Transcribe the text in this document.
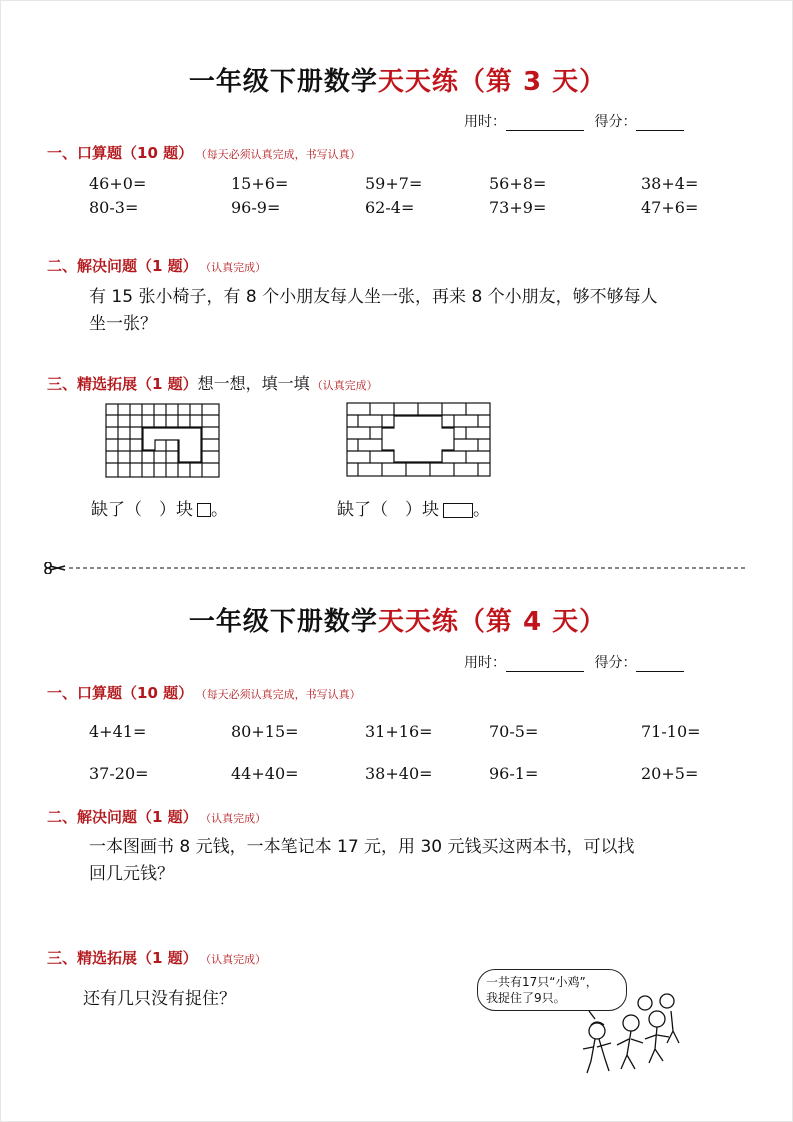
一年级下册数学天天练（第 3 天）
用时：	得分：
一、口算题（10 题） （每天必须认真完成，书写认真）
46+0=	15+6=	59+7=	56+8=	38+4=
80-3=	96-9=	62-4=	73+9=	47+6=
二、解决问题（1 题） （认真完成）
有 15 张小椅子，有 8 个小朋友每人坐一张，再来 8 个小朋友，够不够每人
坐一张？
三、精选拓展（1 题）想一想，填一填 （认真完成）
缺了（　）块 。	缺了（　）块 。
一年级下册数学天天练（第 4 天）
用时：	得分：
一、口算题（10 题） （每天必须认真完成，书写认真）
4+41=	80+15=	31+16=	70-5=	71-10=
37-20=	44+40=	38+40=	96-1=	20+5=
二、解决问题（1 题） （认真完成）
一本图画书 8 元钱，一本笔记本 17 元，用 30 元钱买这两本书，可以找
回几元钱？
三、精选拓展（1 题） （认真完成）
还有几只没有捉住？
一共有17只“小鸡”，
我捉住了9只。
